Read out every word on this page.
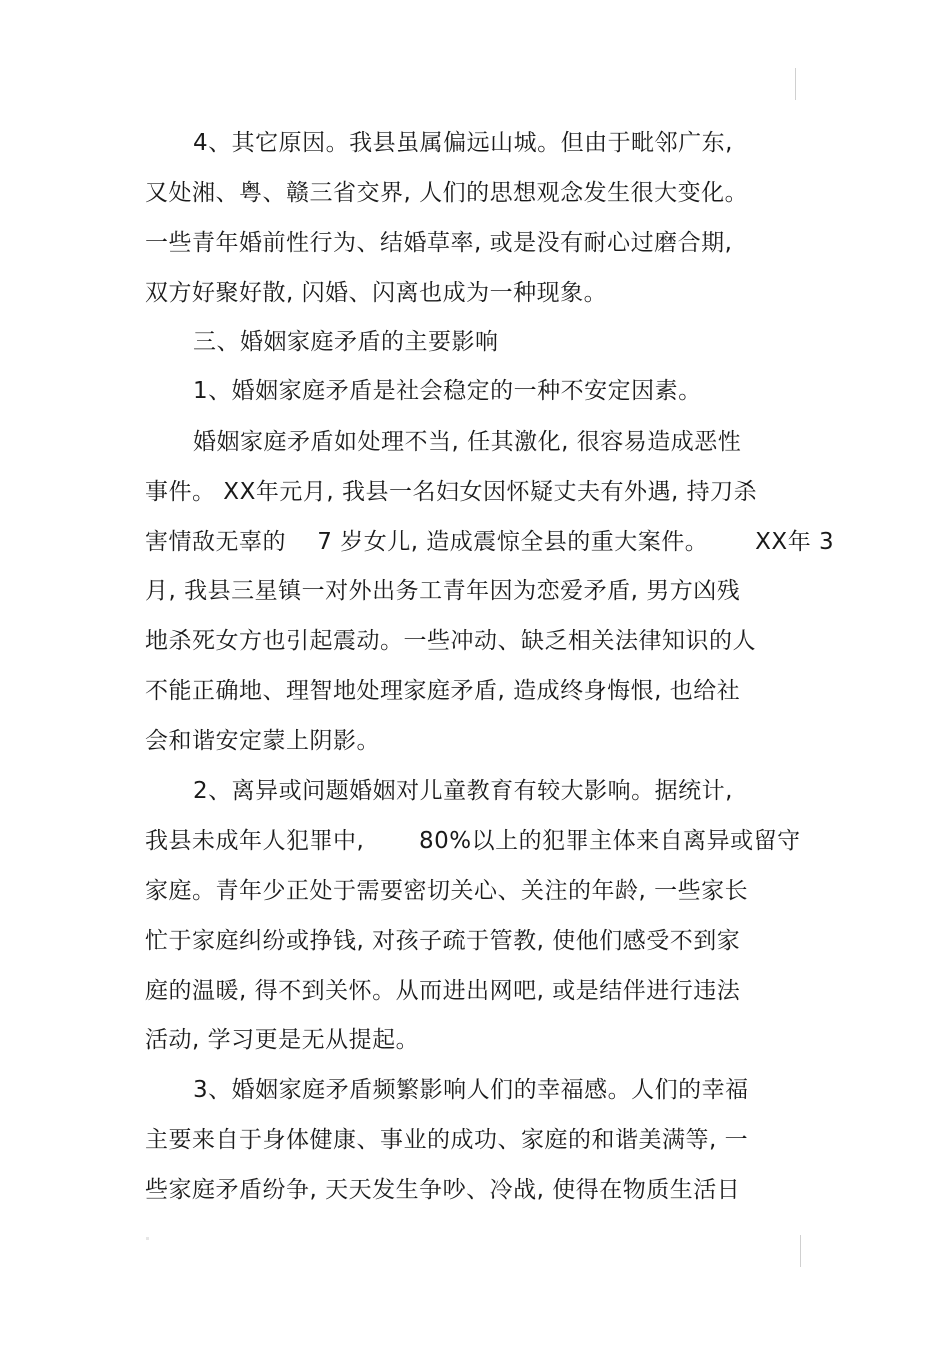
4、其它原因。我县虽属偏远山城。但由于毗邻广东,
又处湘、粤、赣三省交界, 人们的思想观念发生很大变化。
一些青年婚前性行为、结婚草率, 或是没有耐心过磨合期,
双方好聚好散, 闪婚、闪离也成为一种现象。
三、婚姻家庭矛盾的主要影响
1、婚姻家庭矛盾是社会稳定的一种不安定因素。
婚姻家庭矛盾如处理不当, 任其激化, 很容易造成恶性
事件。 XX年元月, 我县一名妇女因怀疑丈夫有外遇, 持刀杀
害情敌无辜的    7 岁女儿, 造成震惊全县的重大案件。      XX年 3
月, 我县三星镇一对外出务工青年因为恋爱矛盾, 男方凶残
地杀死女方也引起震动。一些冲动、缺乏相关法律知识的人
不能正确地、理智地处理家庭矛盾, 造成终身悔恨, 也给社
会和谐安定蒙上阴影。
2、离异或问题婚姻对儿童教育有较大影响。据统计,
我县未成年人犯罪中,       80%以上的犯罪主体来自离异或留守
家庭。青年少正处于需要密切关心、关注的年龄, 一些家长
忙于家庭纠纷或挣钱, 对孩子疏于管教, 使他们感受不到家
庭的温暖, 得不到关怀。从而进出网吧, 或是结伴进行违法
活动, 学习更是无从提起。
3、婚姻家庭矛盾频繁影响人们的幸福感。人们的幸福
主要来自于身体健康、事业的成功、家庭的和谐美满等, 一
些家庭矛盾纷争, 天天发生争吵、冷战, 使得在物质生活日
